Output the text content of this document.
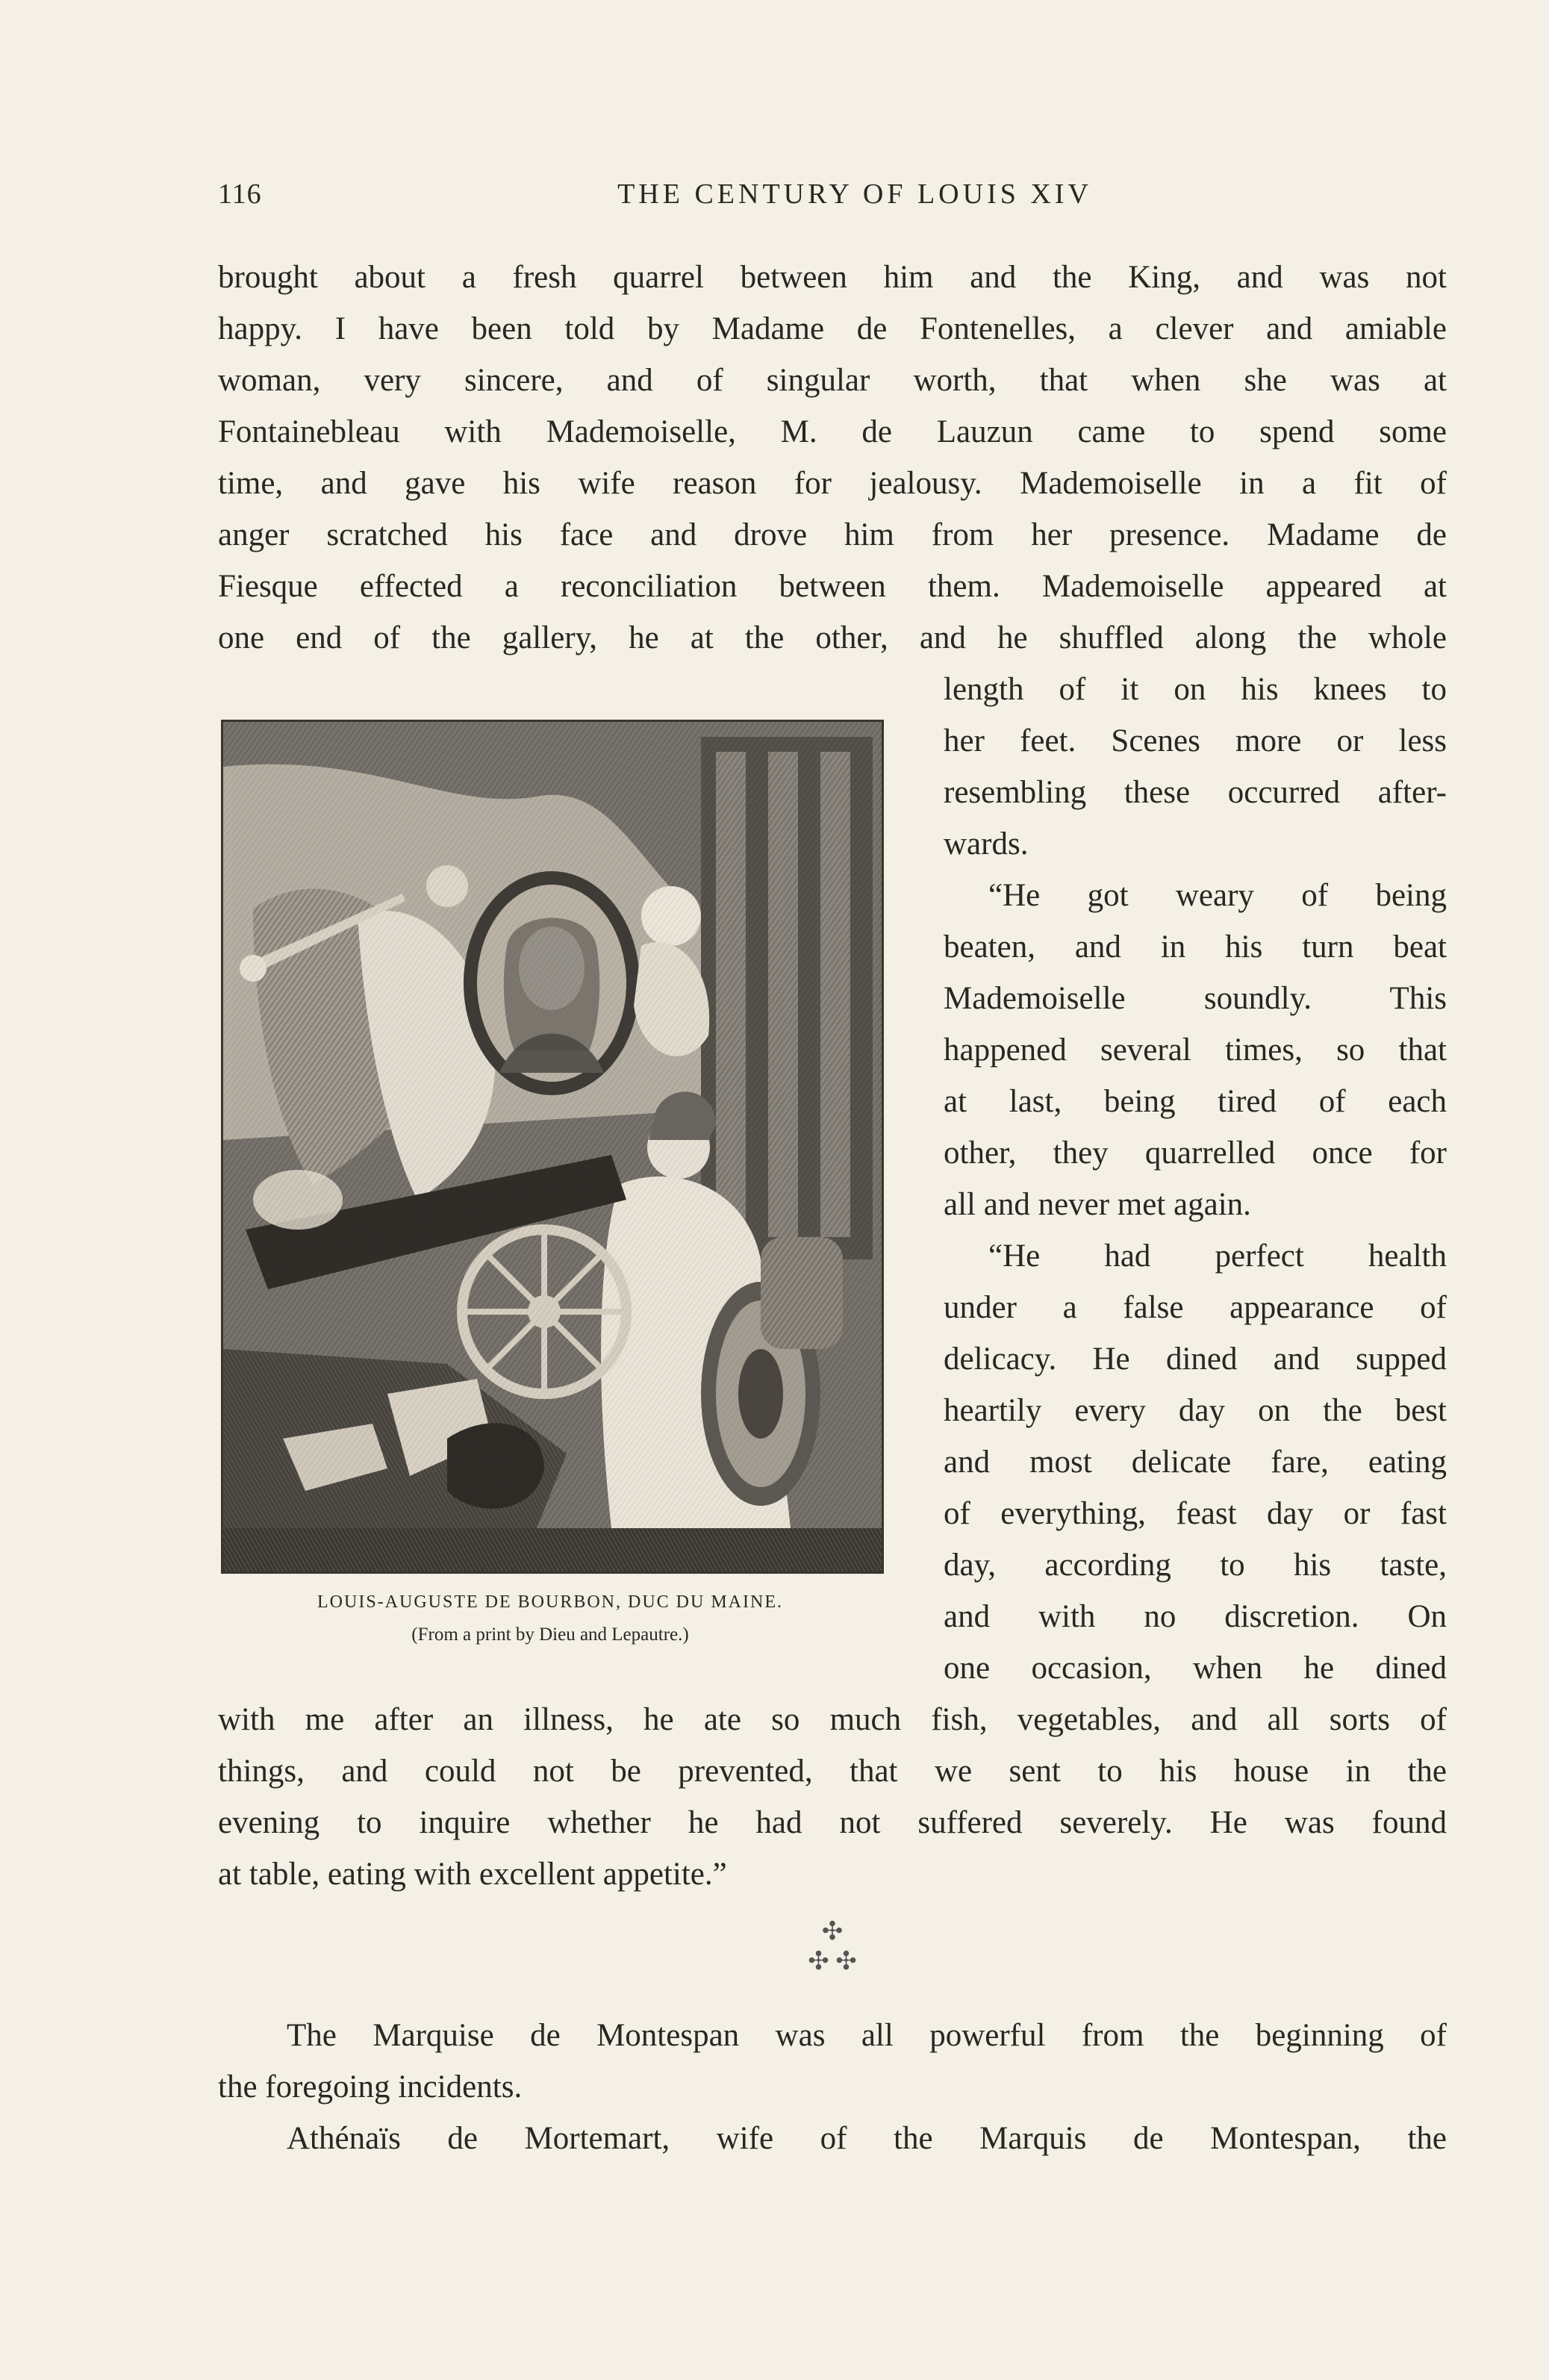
116	THE CENTURY OF LOUIS XIV
brought about a fresh quarrel between him and the King, and was not
happy. I have been told by Madame de Fontenelles, a clever and amiable
woman, very sincere, and of singular worth, that when she was at
Fontainebleau with Mademoiselle, M. de Lauzun came to spend some
time, and gave his wife reason for jealousy. Mademoiselle in a fit of
anger scratched his face and drove him from her presence. Madame de
Fiesque effected a reconciliation between them. Mademoiselle appeared at
one end of the gallery, he at the other, and he shuffled along the whole
length of it on his knees to
her feet. Scenes more or less
resembling these occurred after-
wards.
“He got weary of being
beaten, and in his turn beat
Mademoiselle soundly. This
happened several times, so that
at last, being tired of each
other, they quarrelled once for
all and never met again.
“He had perfect health
under a false appearance of
delicacy. He dined and supped
heartily every day on the best
and most delicate fare, eating
of everything, feast day or fast
day, according to his taste,
and with no discretion. On
one occasion, when he dined
with me after an illness, he ate so much fish, vegetables, and all sorts of
things, and could not be prevented, that we sent to his house in the
evening to inquire whether he had not suffered severely. He was found
at table, eating with excellent appetite.”
✣
✣ ✣
The Marquise de Montespan was all powerful from the beginning of
the foregoing incidents.
Athénaïs de Mortemart, wife of the Marquis de Montespan, the
LOUIS-AUGUSTE DE BOURBON, DUC DU MAINE.
(From a print by Dieu and Lepautre.)
